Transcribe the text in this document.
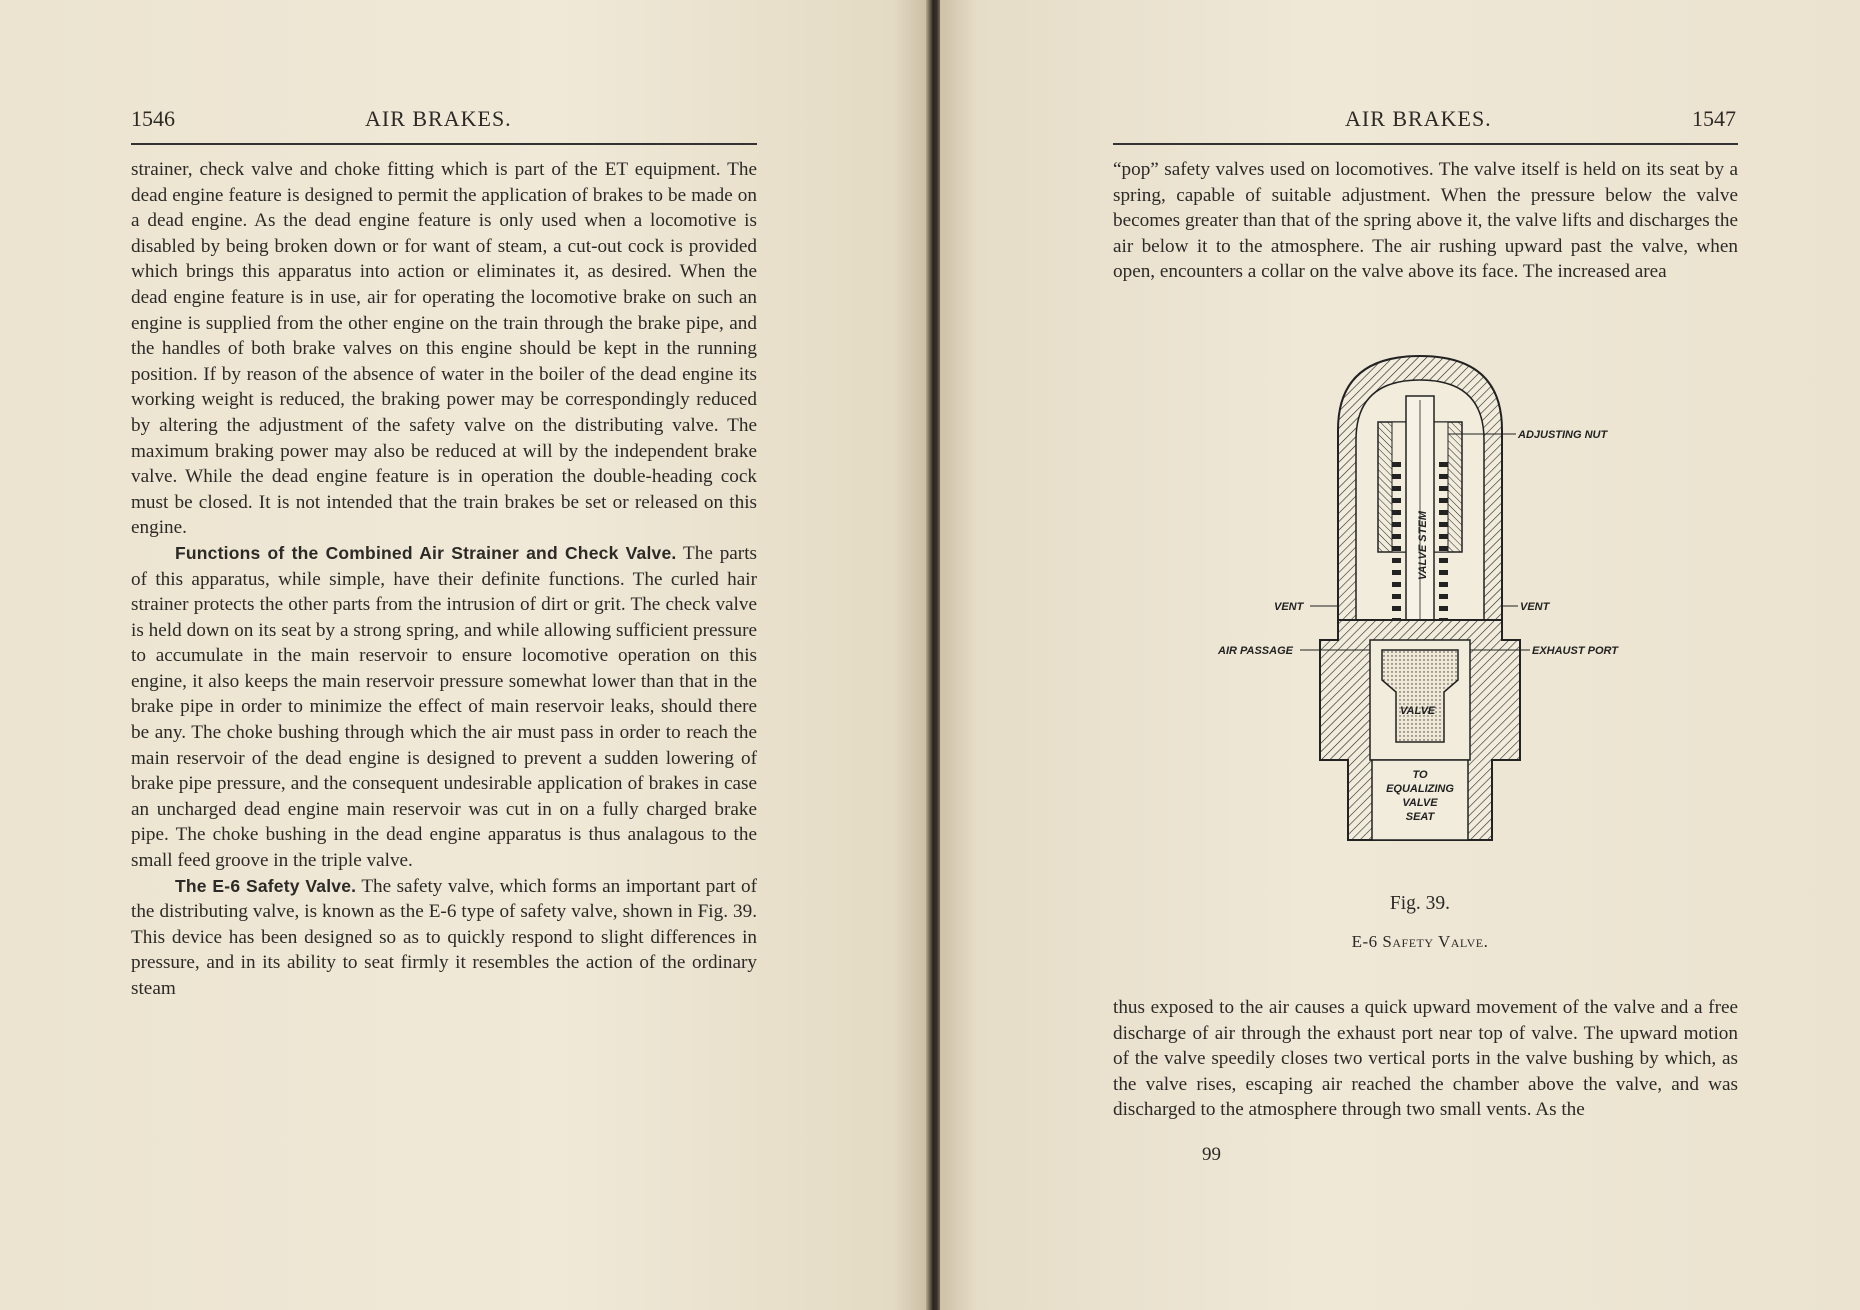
1546	AIR BRAKES.

strainer, check valve and choke fitting which is part of the ET equipment. The dead engine feature is designed to permit the application of brakes to be made on a dead engine. As the dead engine feature is only used when a locomotive is disabled by being broken down or for want of steam, a cut-out cock is provided which brings this apparatus into action or eliminates it, as desired. When the dead engine feature is in use, air for operating the locomotive brake on such an engine is supplied from the other engine on the train through the brake pipe, and the handles of both brake valves on this engine should be kept in the running position. If by reason of the absence of water in the boiler of the dead engine its working weight is reduced, the braking power may be correspondingly reduced by altering the adjustment of the safety valve on the distributing valve. The maximum braking power may also be reduced at will by the independent brake valve. While the dead engine feature is in operation the double-heading cock must be closed. It is not intended that the train brakes be set or released on this engine.

Functions of the Combined Air Strainer and Check Valve. The parts of this apparatus, while simple, have their definite functions. The curled hair strainer protects the other parts from the intrusion of dirt or grit. The check valve is held down on its seat by a strong spring, and while allowing sufficient pressure to accumulate in the main reservoir to ensure locomotive operation on this engine, it also keeps the main reservoir pressure somewhat lower than that in the brake pipe in order to minimize the effect of main reservoir leaks, should there be any. The choke bushing through which the air must pass in order to reach the main reservoir of the dead engine is designed to prevent a sudden lowering of brake pipe pressure, and the consequent undesirable application of brakes in case an uncharged dead engine main reservoir was cut in on a fully charged brake pipe. The choke bushing in the dead engine apparatus is thus analagous to the small feed groove in the triple valve.

The E-6 Safety Valve. The safety valve, which forms an important part of the distributing valve, is known as the E-6 type of safety valve, shown in Fig. 39. This device has been designed so as to quickly respond to slight differences in pressure, and in its ability to seat firmly it resembles the action of the ordinary steam

AIR BRAKES.	1547
“pop” safety valves used on locomotives. The valve itself is held on its seat by a spring, capable of suitable adjustment. When the pressure below the valve becomes greater than that of the spring above it, the valve lifts and discharges the air below it to the atmosphere. The air rushing upward past the valve, when open, encounters a collar on the valve above its face. The increased area
VALVE STEM
VALVE
TO
EQUALIZING
VALVE
SEAT
ADJUSTING NUT
VENT	VENT
AIR PASSAGE	EXHAUST PORT
Fig. 39.
E-6 Safety Valve.
thus exposed to the air causes a quick upward movement of the valve and a free discharge of air through the exhaust port near top of valve. The upward motion of the valve speedily closes two vertical ports in the valve bushing by which, as the valve rises, escaping air reached the chamber above the valve, and was discharged to the atmosphere through two small vents. As the
99
